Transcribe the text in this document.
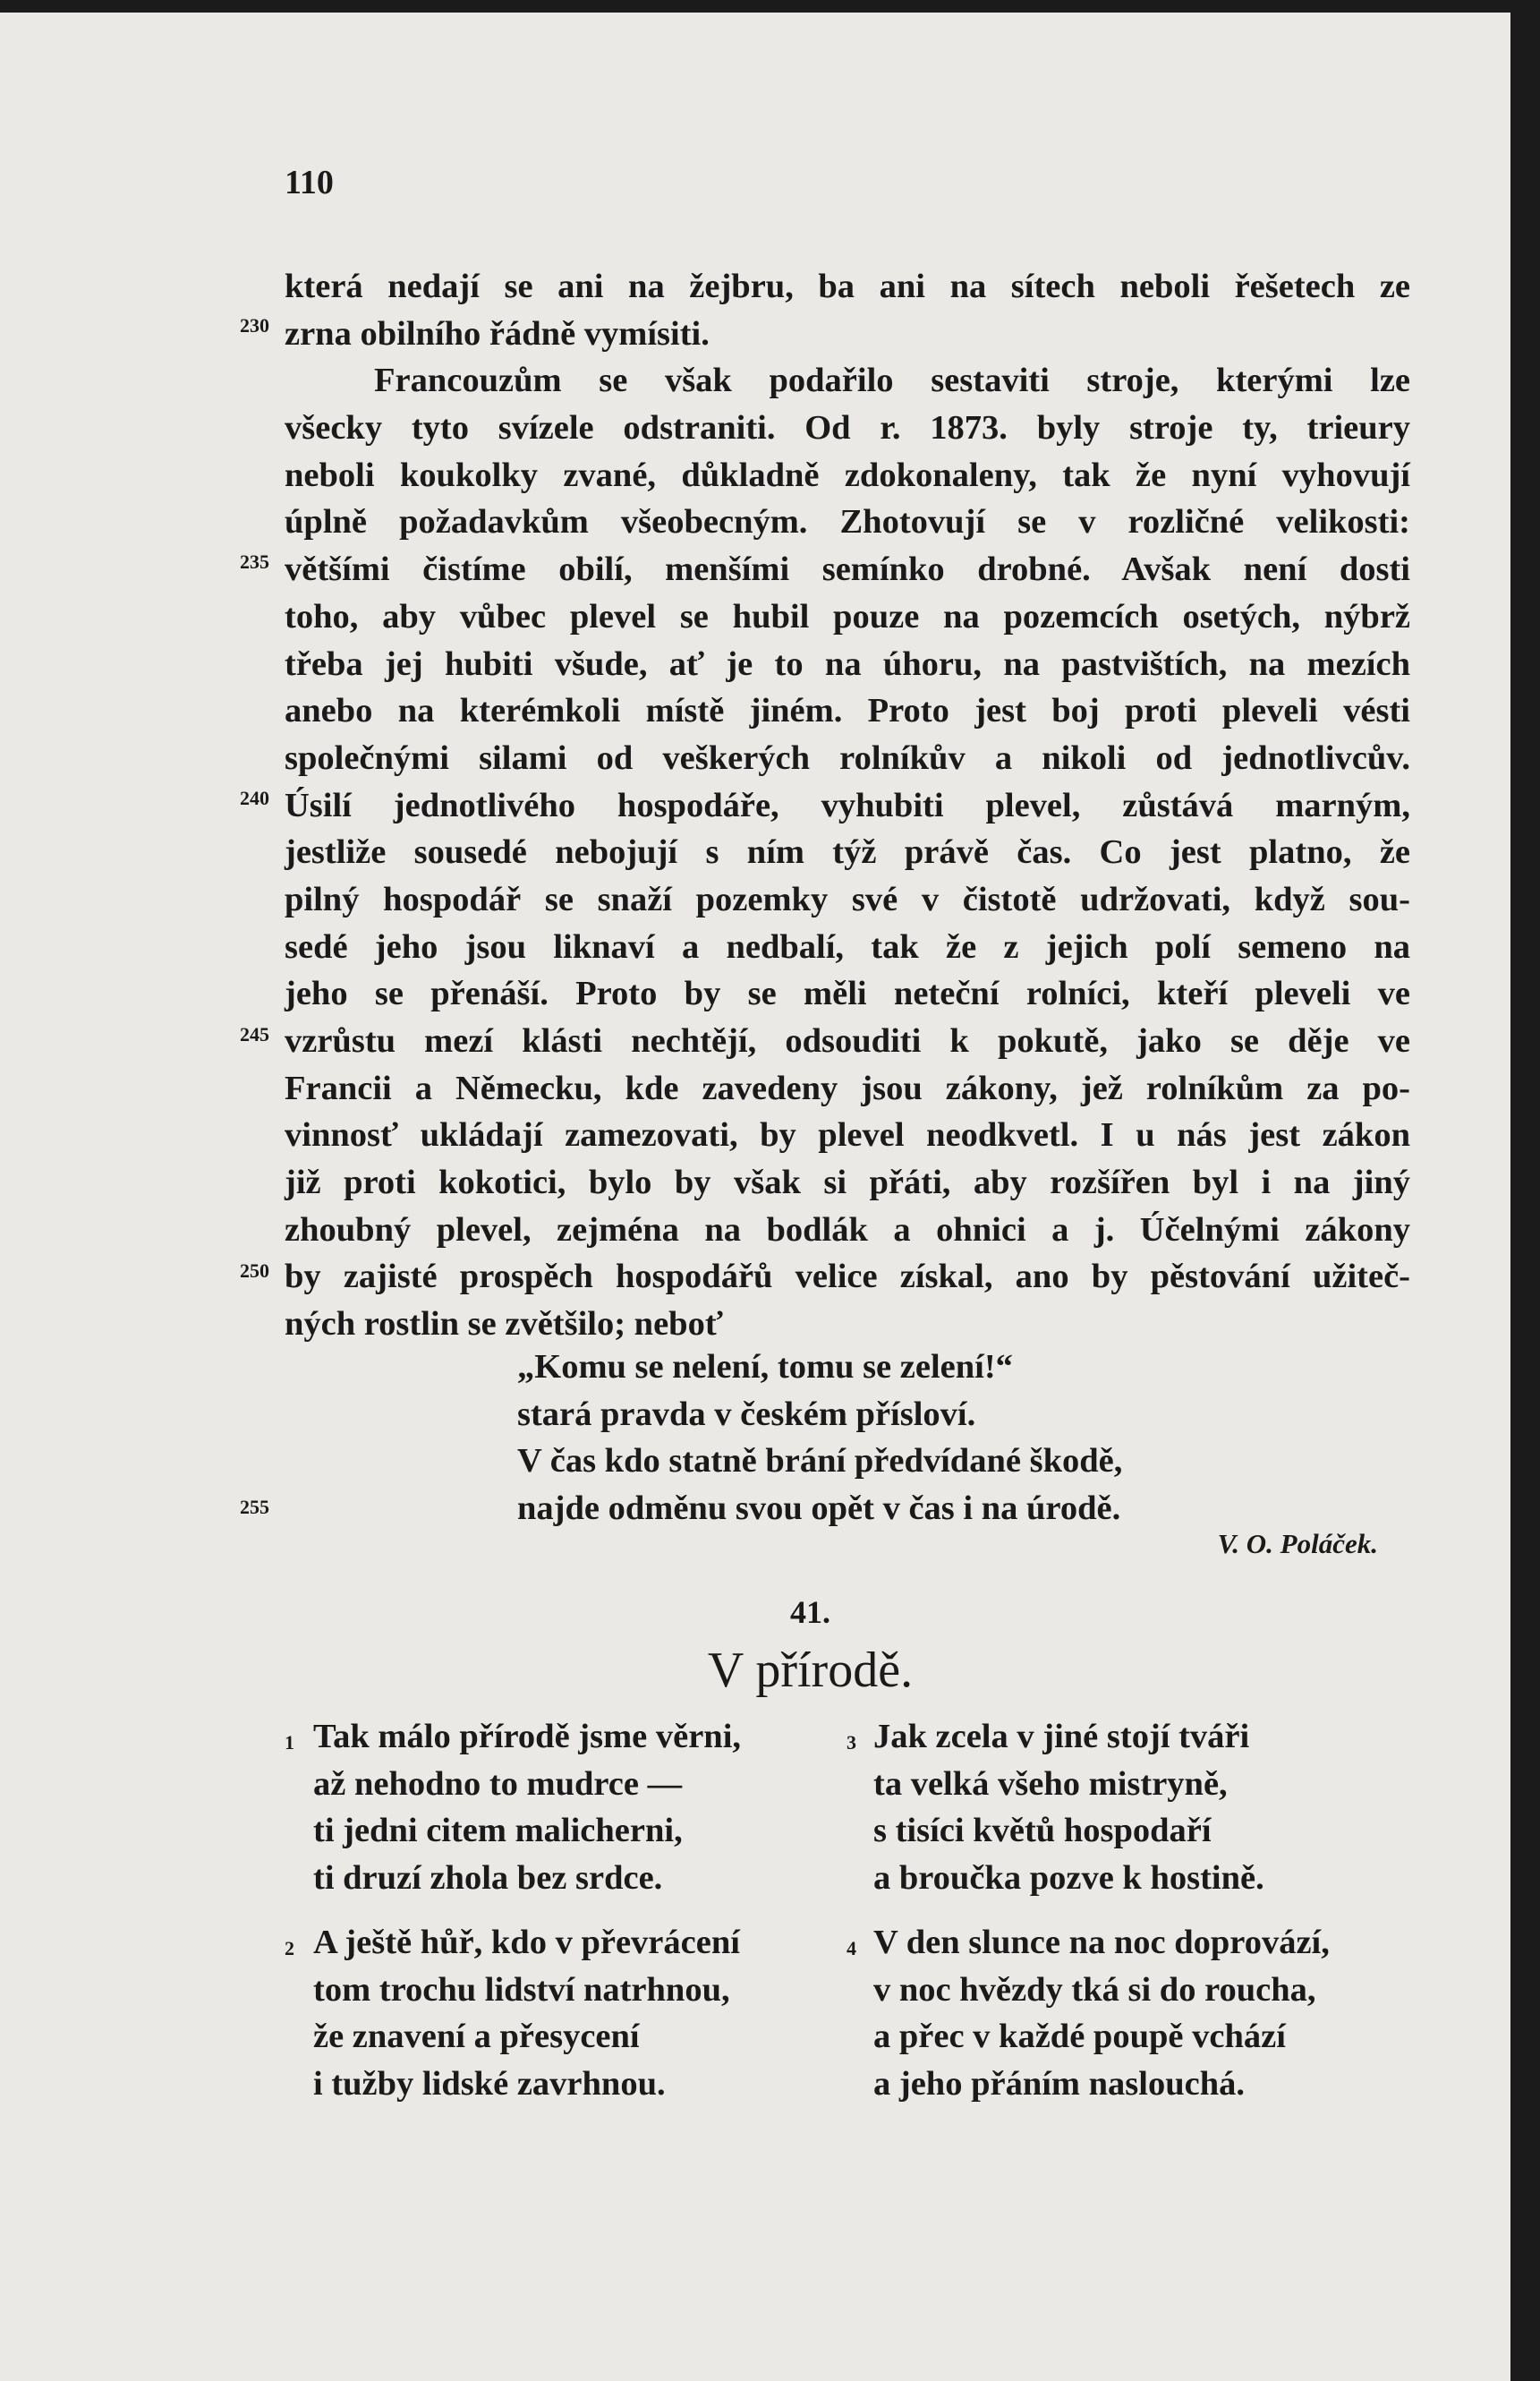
110
která nedají se ani na žejbru, ba ani na sítech neboli řešetech ze
zrna obilního řádně vymísiti.
Francouzům se však podařilo sestaviti stroje, kterými lze
všecky tyto svízele odstraniti. Od r. 1873. byly stroje ty, trieury
neboli koukolky zvané, důkladně zdokonaleny, tak že nyní vyhovují
úplně požadavkům všeobecným. Zhotovují se v rozličné velikosti:
většími čistíme obilí, menšími semínko drobné. Avšak není dosti
toho, aby vůbec plevel se hubil pouze na pozemcích osetých, nýbrž
třeba jej hubiti všude, ať je to na úhoru, na pastvištích, na mezích
anebo na kterémkoli místě jiném. Proto jest boj proti pleveli vésti
společnými silami od veškerých rolníkův a nikoli od jednotlivcův.
Úsilí jednotlivého hospodáře, vyhubiti plevel, zůstává marným,
jestliže sousedé nebojují s ním týž právě čas. Co jest platno, že
pilný hospodář se snaží pozemky své v čistotě udržovati, když sou-
sedé jeho jsou liknaví a nedbalí, tak že z jejich polí semeno na
jeho se přenáší. Proto by se měli neteční rolníci, kteří pleveli ve
vzrůstu mezí klásti nechtějí, odsouditi k pokutě, jako se děje ve
Francii a Německu, kde zavedeny jsou zákony, jež rolníkům za po-
vinnosť ukládají zamezovati, by plevel neodkvetl. I u nás jest zákon
již proti kokotici, bylo by však si přáti, aby rozšířen byl i na jiný
zhoubný plevel, zejména na bodlák a ohnici a j. Účelnými zákony
by zajisté prospěch hospodářů velice získal, ano by pěstování užiteč-
ných rostlin se zvětšilo; neboť
230
235
240
245
250
255
„Komu se nelení, tomu se zelení!“
stará pravda v českém přísloví.
V čas kdo statně brání předvídané škodě,
najde odměnu svou opět v čas i na úrodě.
V. O. Poláček.
41.
V přírodě.
1 Tak málo přírodě jsme věrni,
až nehodno to mudrce —
ti jedni citem malicherni,
ti druzí zhola bez srdce.
2 A ještě hůř, kdo v převrácení
tom trochu lidství natrhnou,
že znavení a přesycení
i tužby lidské zavrhnou.
3 Jak zcela v jiné stojí tváři
ta velká všeho mistryně,
s tisíci květů hospodaří
a broučka pozve k hostině.
4 V den slunce na noc doprovází,
v noc hvězdy tká si do roucha,
a přec v každé poupě vchází
a jeho přáním naslouchá.
